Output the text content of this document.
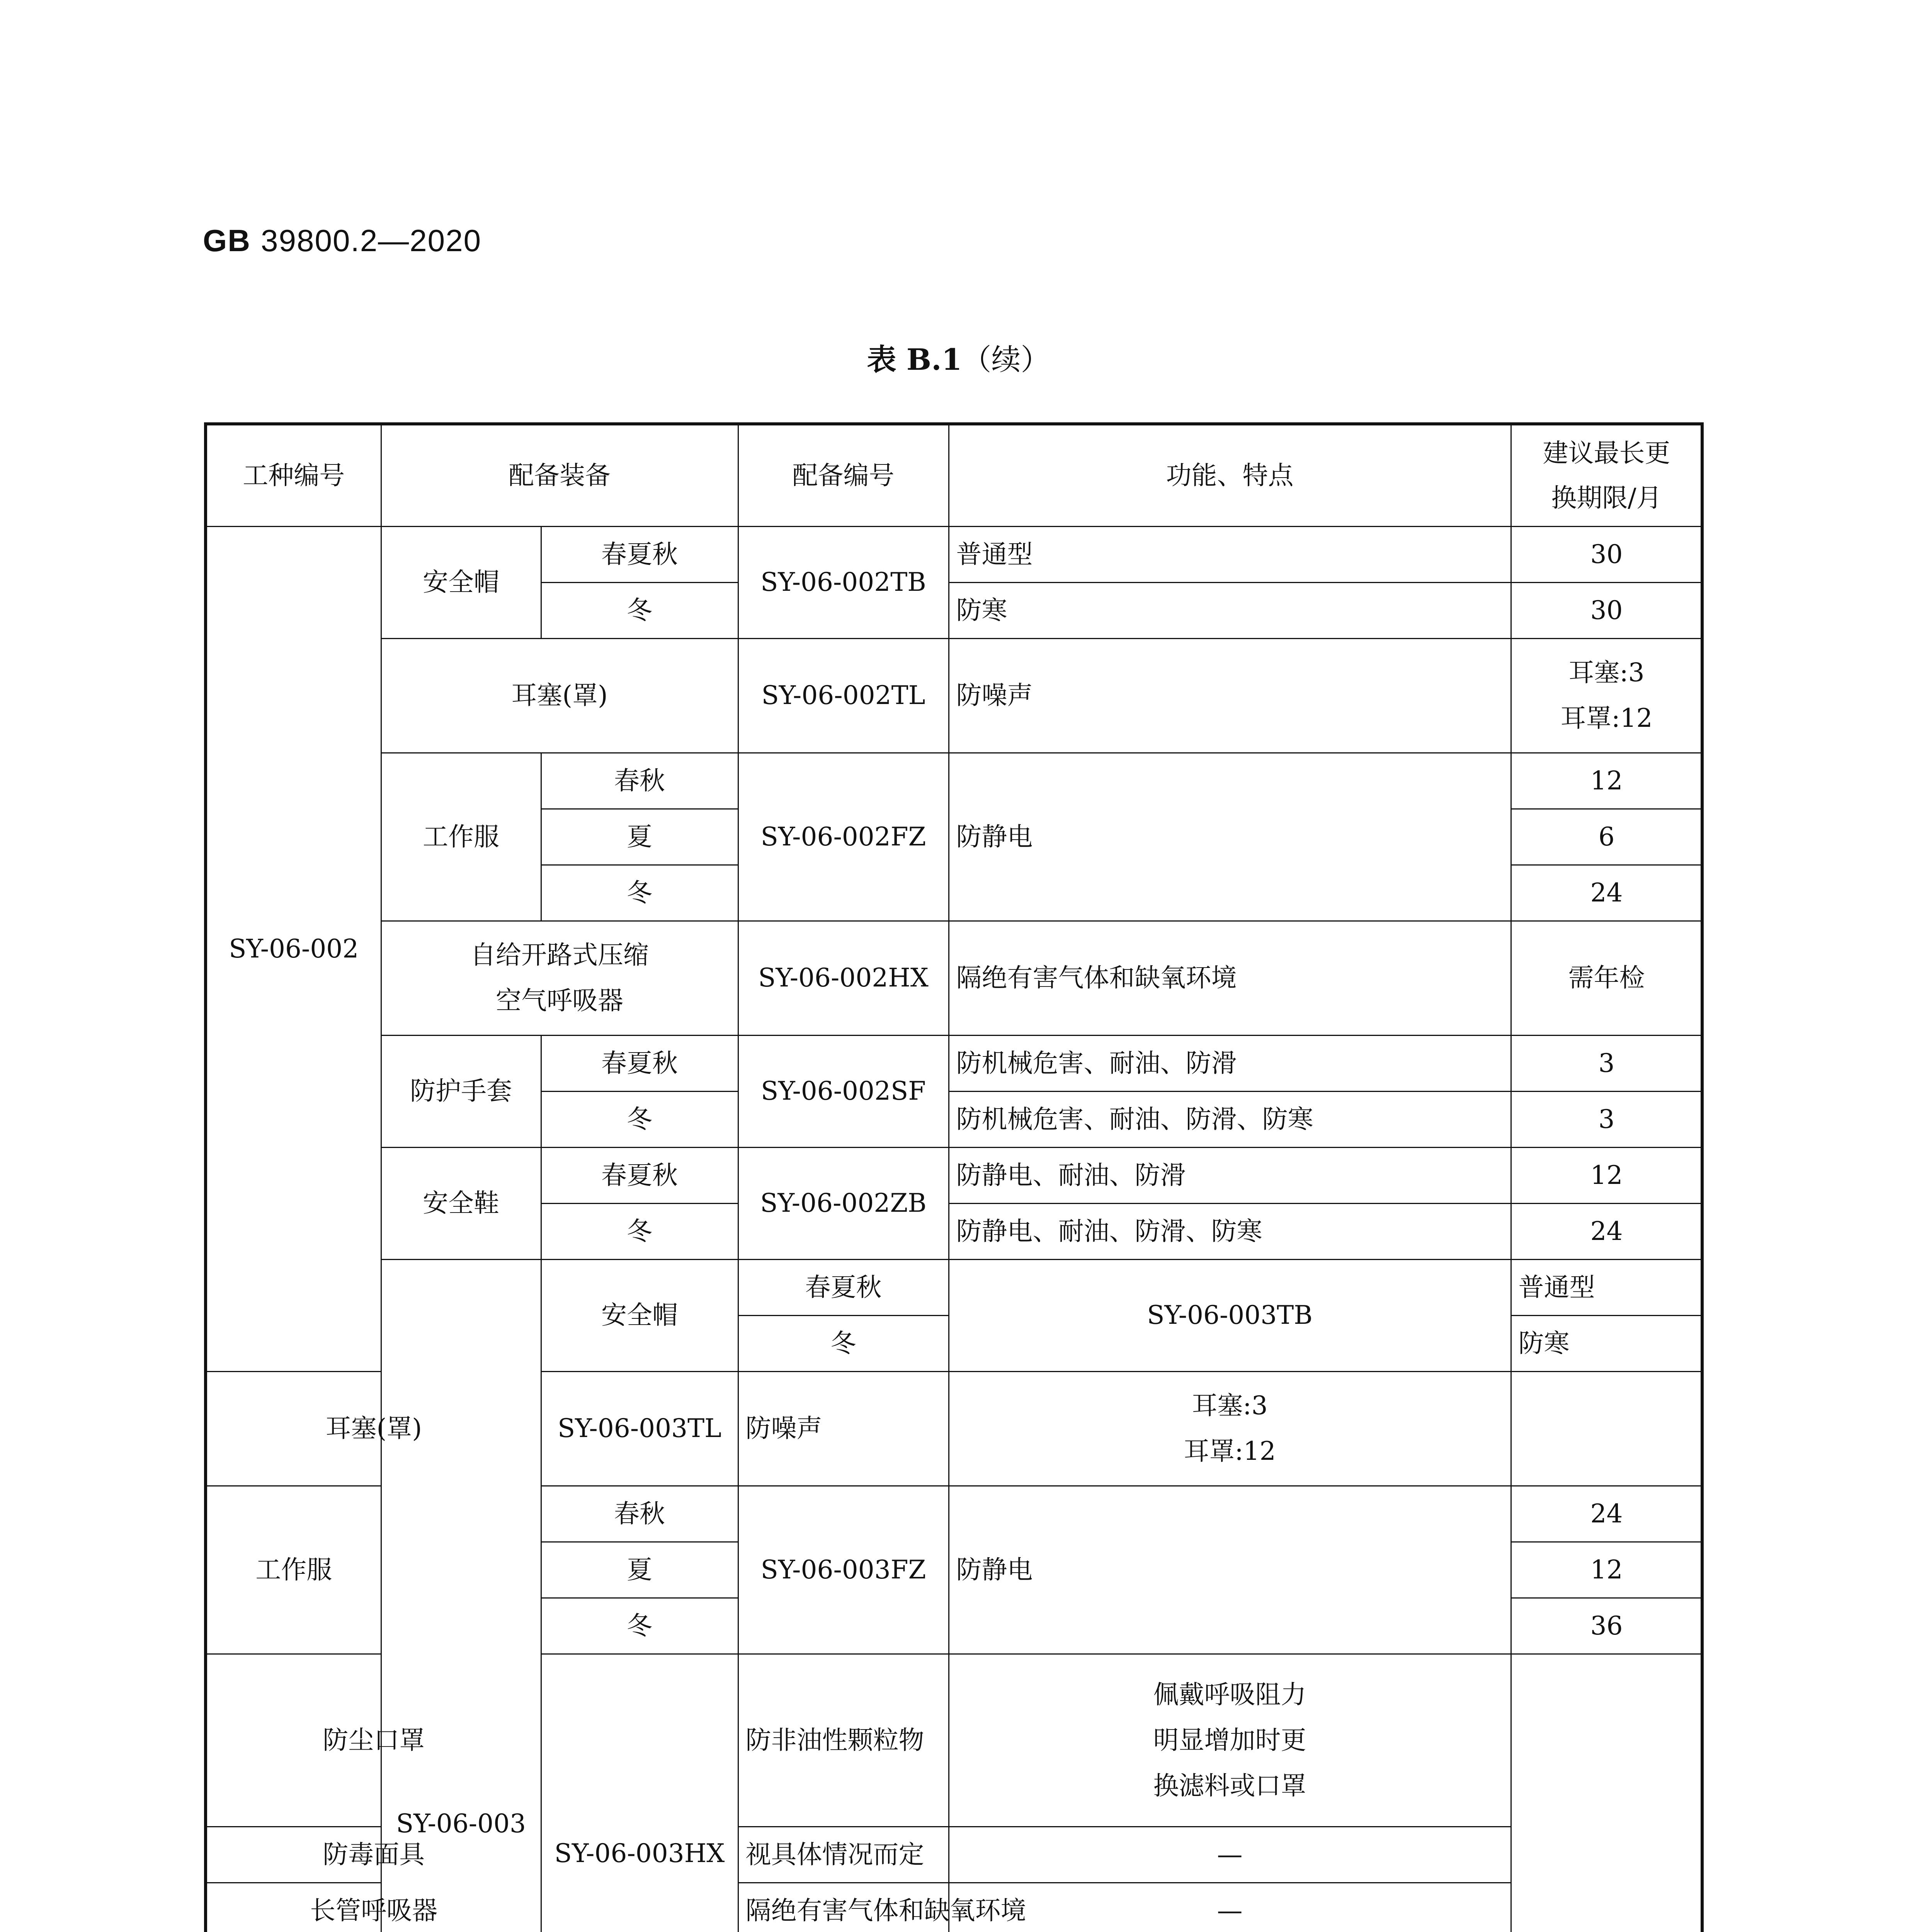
GB 39800.2—2020
表 B.1（续）
工种编号	配备装备		配备编号	功能、特点	建议最长更
换期限/月	
SY-06-002	安全帽	春夏秋	SY-06-002TB	普通型	30	
		冬		防寒	30	
	耳塞(罩)		SY-06-002TL	防噪声	耳塞:3
耳罩:12	
	工作服	春秋	SY-06-002FZ	防静电	12	
		夏			6	
		冬			24	
	自给开路式压缩
空气呼吸器		SY-06-002HX	隔绝有害气体和缺氧环境	需年检	
	防护手套	春夏秋	SY-06-002SF	防机械危害、耐油、防滑	3	
		冬		防机械危害、耐油、防滑、防寒	3	
	安全鞋	春夏秋	SY-06-002ZB	防静电、耐油、防滑	12	
		冬		防静电、耐油、防滑、防寒	24	
	SY-06-003	安全帽	春夏秋	SY-06-003TB	普通型	
			冬		防寒	
耳塞(罩)		SY-06-003TL	防噪声	耳塞:3
耳罩:12		
工作服		春秋	SY-06-003FZ	防静电	24	
		夏			12	
		冬			36	
防尘口罩		SY-06-003HX	防非油性颗粒物	佩戴呼吸阻力
明显增加时更
换滤料或口罩		
防毒面具			视具体情况而定	—		
长管呼吸器			隔绝有害气体和缺氧环境	—		
